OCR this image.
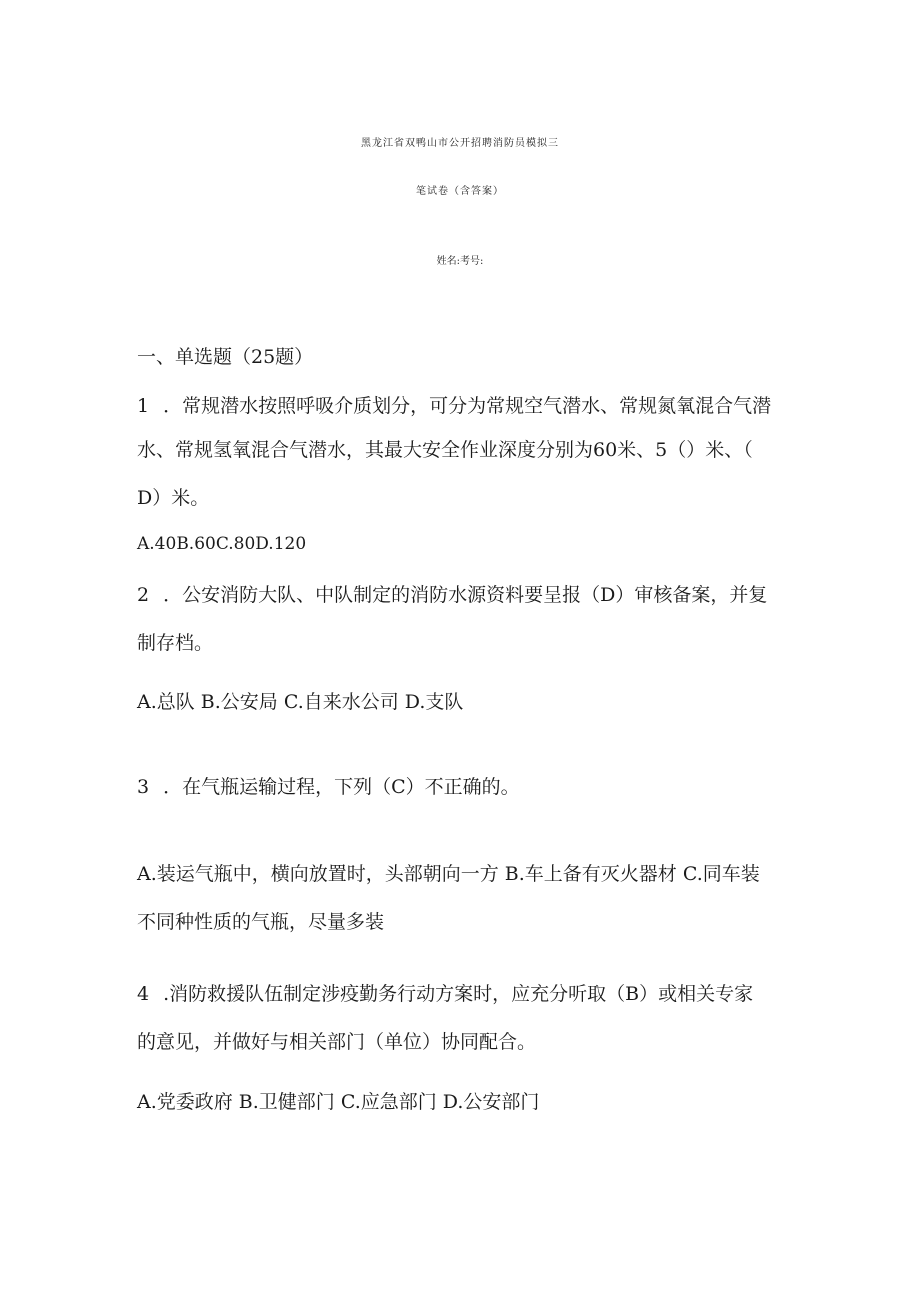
黑龙江省双鸭山市公开招聘消防员模拟三
笔试卷（含答案）
姓名:考号:
一、单选题（25题）
1 ．常规潜水按照呼吸介质划分，可分为常规空气潜水、常规氮氧混合气潜
水、常规氢氧混合气潜水，其最大安全作业深度分别为60米、5（）米、（
D）米。
A.40B.60C.80D.120
2 ．公安消防大队、中队制定的消防水源资料要呈报（D）审核备案，并复
制存档。
A.总队 B.公安局 C.自来水公司 D.支队
3 ．在气瓶运输过程，下列（C）不正确的。
A.装运气瓶中，横向放置时，头部朝向一方 B.车上备有灭火器材 C.同车装
不同种性质的气瓶，尽量多装
4 .消防救援队伍制定涉疫勤务行动方案时，应充分听取（B）或相关专家
的意见，并做好与相关部门（单位）协同配合。
A.党委政府 B.卫健部门 C.应急部门 D.公安部门
